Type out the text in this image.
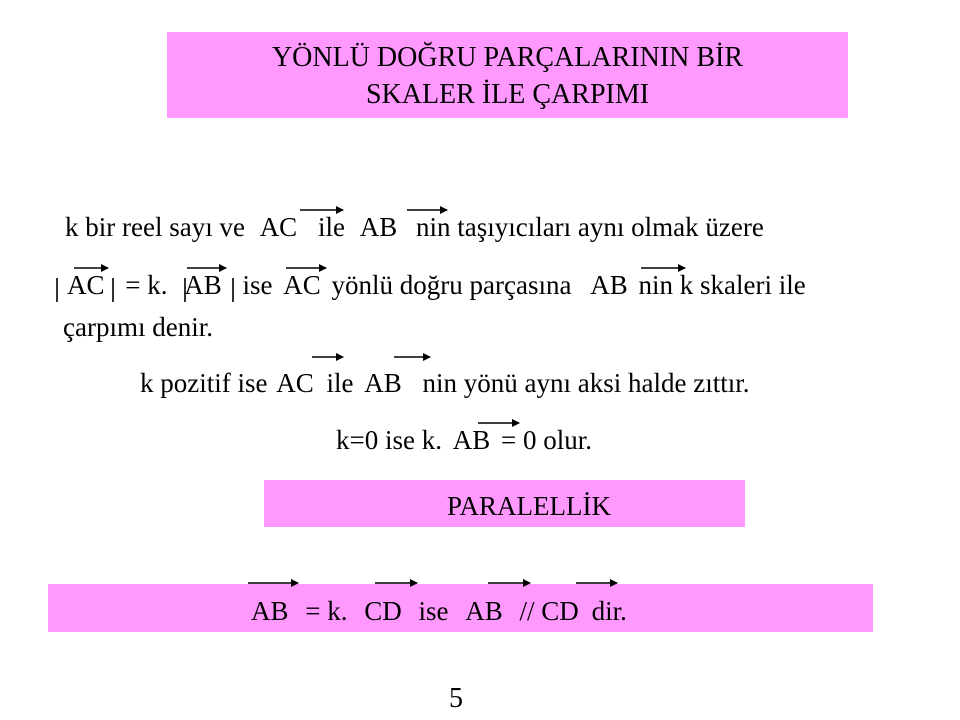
YÖNLÜ DOĞRU PARÇALARININ BİR
SKALER İLE ÇARPIMI
k bir reel sayı ve AC ile AB nin taşıyıcıları aynı olmak üzere
AC = k. AB ise AC yönlü doğru parçasına AB nin k skaleri ile
çarpımı denir.
k pozitif ise AC ile AB nin yönü aynı aksi halde zıttır.
k=0 ise k. AB = 0 olur.
PARALELLİK
AB = k. CD ise AB // CD dir.
5
